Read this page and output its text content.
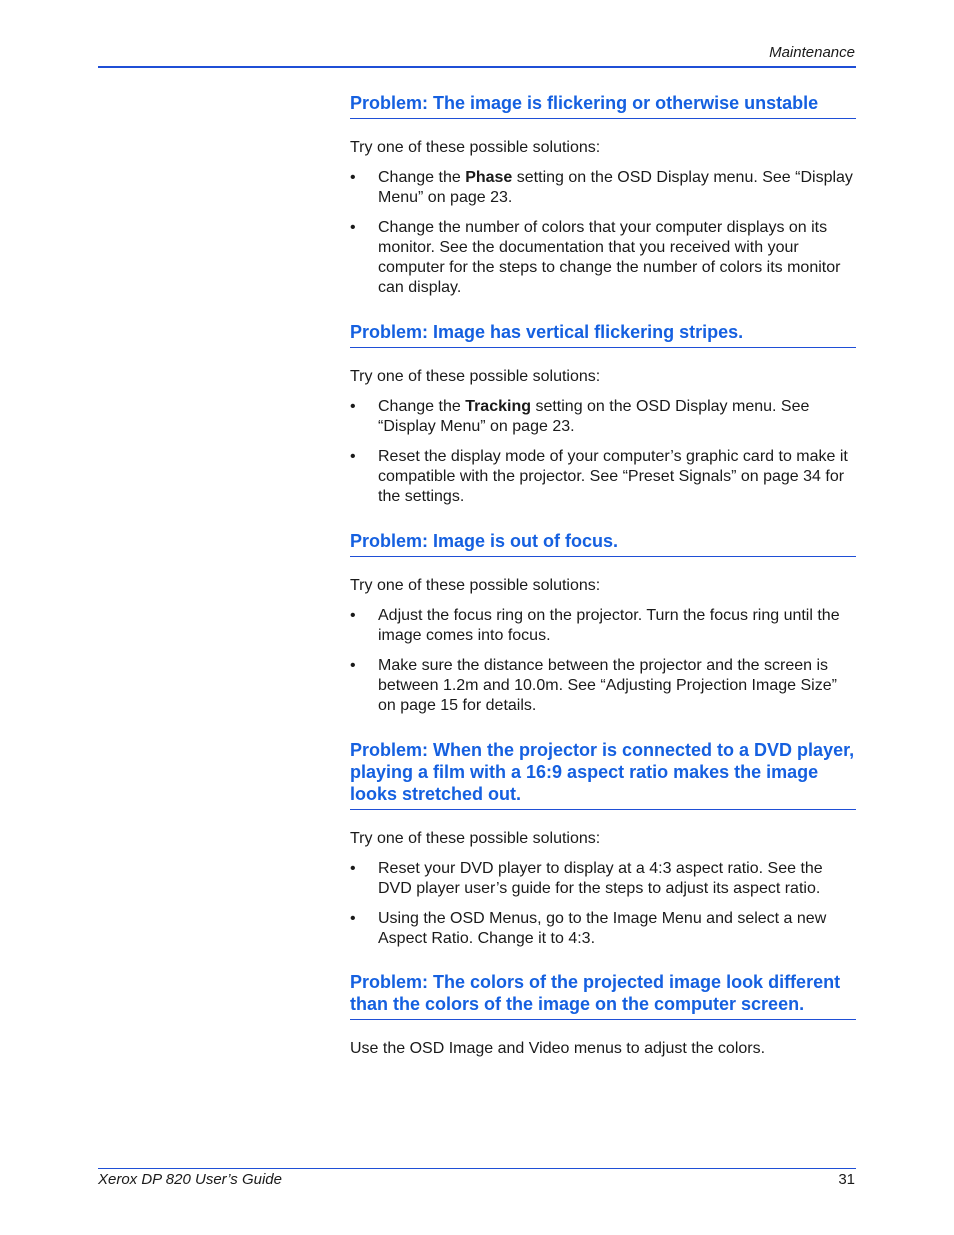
Maintenance
Problem: The image is flickering or otherwise unstable

Try one of these possible solutions:

• Change the Phase setting on the OSD Display menu. See “Display Menu” on page 23.
• Change the number of colors that your computer displays on its monitor. See the documentation that you received with your computer for the steps to change the number of colors its monitor can display.
Problem: Image has vertical flickering stripes.

Try one of these possible solutions:

• Change the Tracking setting on the OSD Display menu. See “Display Menu” on page 23.
• Reset the display mode of your computer’s graphic card to make it compatible with the projector. See “Preset Signals” on page 34 for the settings.
Problem: Image is out of focus.

Try one of these possible solutions:

• Adjust the focus ring on the projector. Turn the focus ring until the image comes into focus.
• Make sure the distance between the projector and the screen is between 1.2m and 10.0m. See “Adjusting Projection Image Size” on page 15 for details.
Problem: When the projector is connected to a DVD player, playing a film with a 16:9 aspect ratio makes the image looks stretched out.

Try one of these possible solutions:

• Reset your DVD player to display at a 4:3 aspect ratio. See the DVD player user’s guide for the steps to adjust its aspect ratio.
• Using the OSD Menus, go to the Image Menu and select a new Aspect Ratio. Change it to 4:3.
Problem: The colors of the projected image look different than the colors of the image on the computer screen.

Use the OSD Image and Video menus to adjust the colors.

Xerox DP 820 User’s Guide	31
